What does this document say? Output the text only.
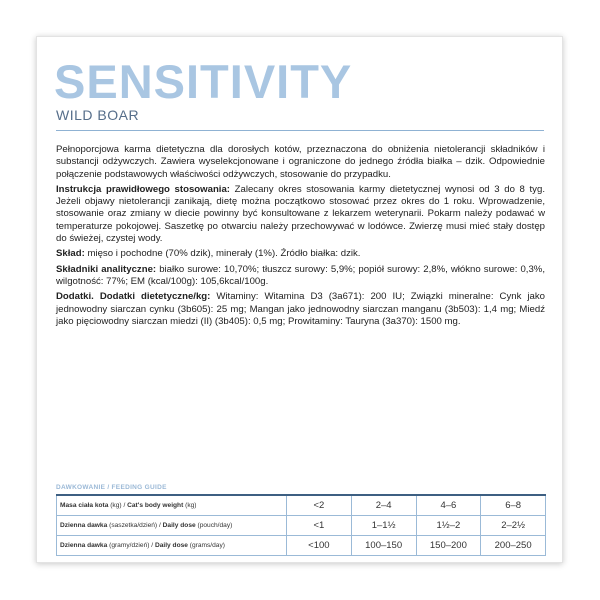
SENSITIVITY
WILD BOAR

Pełnoporcjowa karma dietetyczna dla dorosłych kotów, przeznaczona do obniżenia nietolerancji składników i substancji odżywczych. Zawiera wyselekcjonowane i ograniczone do jednego źródła białka – dzik. Odpowiednie połączenie podstawowych właściwości odżywczych, stosowanie do przypadku.

Instrukcja prawidłowego stosowania: Zalecany okres stosowania karmy dietetycznej wynosi od 3 do 8 tyg. Jeżeli objawy nietolerancji zanikają, dietę można początkowo stosować przez okres do 1 roku. Wprowadzenie, stosowanie oraz zmiany w diecie powinny być konsultowane z lekarzem weterynarii. Pokarm należy podawać w temperaturze pokojowej. Saszetkę po otwarciu należy przechowywać w lodówce. Zwierzę musi mieć stały dostęp do świeżej, czystej wody.

Skład: mięso i pochodne (70% dzik), minerały (1%). Źródło białka: dzik.

Składniki analityczne: białko surowe: 10,70%; tłuszcz surowy: 5,9%; popiół surowy: 2,8%, włókno surowe: 0,3%, wilgotność: 77%; EM (kcal/100g): 105,6kcal/100g.

Dodatki. Dodatki dietetyczne/kg: Witaminy: Witamina D3 (3a671): 200 IU; Związki mineralne: Cynk jako jednowodny siarczan cynku (3b605): 25 mg; Mangan jako jednowodny siarczan manganu (3b503): 1,4 mg; Miedź jako pięciowodny siarczan miedzi (II) (3b405): 0,5 mg; Prowitaminy: Tauryna (3a370): 1500 mg.

DAWKOWANIE / FEEDING GUIDE
Masa ciała kota (kg) / Cat's body weight (kg)	<2	2–4	4–6	6–8
Dzienna dawka (saszetka/dzień) / Daily dose (pouch/day)	<1	1–1½	1½–2	2–2½
Dzienna dawka (gramy/dzień) / Daily dose (grams/day)	<100	100–150	150–200	200–250
